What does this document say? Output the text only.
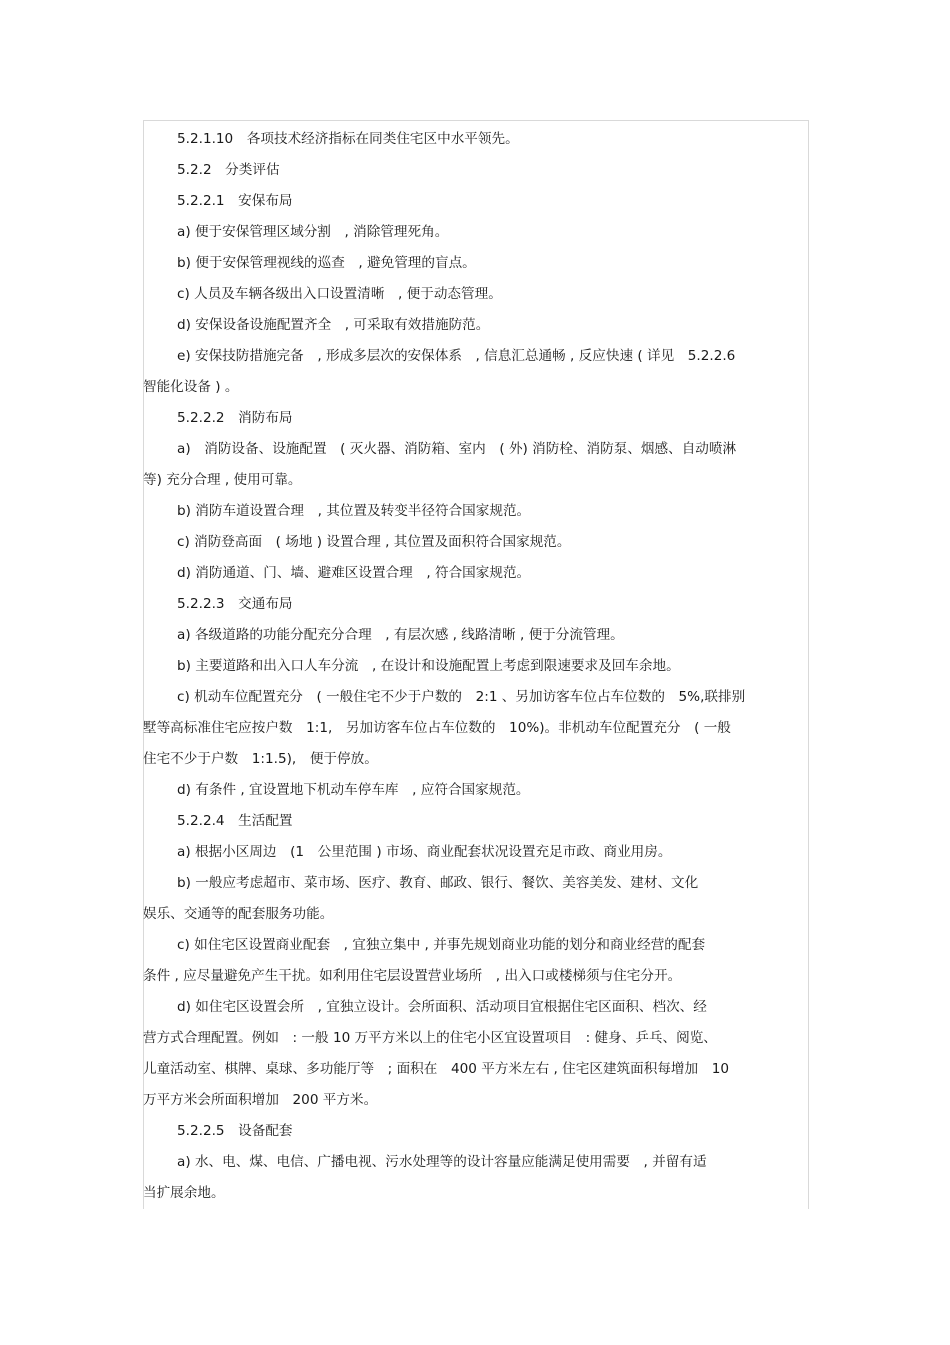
5.2.1.10　各项技术经济指标在同类住宅区中水平领先。
5.2.2　分类评估
5.2.2.1　安保布局
a) 便于安保管理区域分割　, 消除管理死角。
b) 便于安保管理视线的巡查　, 避免管理的盲点。
c) 人员及车辆各级出入口设置清晰　, 便于动态管理。
d) 安保设备设施配置齐全　, 可采取有效措施防范。
e) 安保技防措施完备　, 形成多层次的安保体系　, 信息汇总通畅 , 反应快速 ( 详见　5.2.2.6
智能化设备 ) 。
5.2.2.2　消防布局
a)　消防设备、设施配置　( 灭火器、消防箱、室内　( 外) 消防栓、消防泵、烟感、自动喷淋
等) 充分合理 , 使用可靠。
b) 消防车道设置合理　, 其位置及转变半径符合国家规范。
c) 消防登高面　( 场地 ) 设置合理 , 其位置及面积符合国家规范。
d) 消防通道、门、墙、避难区设置合理　, 符合国家规范。
5.2.2.3　交通布局
a) 各级道路的功能分配充分合理　, 有层次感 , 线路清晰 , 便于分流管理。
b) 主要道路和出入口人车分流　, 在设计和设施配置上考虑到限速要求及回车余地。
c) 机动车位配置充分　( 一般住宅不少于户数的　2:1 、另加访客车位占车位数的　5%,联排别
墅等高标准住宅应按户数　1:1,　另加访客车位占车位数的　10%)。非机动车位配置充分　( 一般
住宅不少于户数　1:1.5),　便于停放。
d) 有条件 , 宜设置地下机动车停车库　, 应符合国家规范。
5.2.2.4　生活配置
a) 根据小区周边　(1　公里范围 ) 市场、商业配套状况设置充足市政、商业用房。
b) 一般应考虑超市、菜市场、医疗、教育、邮政、银行、餐饮、美容美发、建材、文化
娱乐、交通等的配套服务功能。
c) 如住宅区设置商业配套　, 宜独立集中 , 并事先规划商业功能的划分和商业经营的配套
条件 , 应尽量避免产生干扰。如利用住宅层设置营业场所　, 出入口或楼梯须与住宅分开。
d) 如住宅区设置会所　, 宜独立设计。会所面积、活动项目宜根据住宅区面积、档次、经
营方式合理配置。例如　: 一般 10 万平方米以上的住宅小区宜设置项目　: 健身、乒乓、阅览、
儿童活动室、棋牌、桌球、多功能厅等　; 面积在　400 平方米左右 , 住宅区建筑面积每增加　10
万平方米会所面积增加　200 平方米。
5.2.2.5　设备配套
a) 水、电、煤、电信、广播电视、污水处理等的设计容量应能满足使用需要　, 并留有适
当扩展余地。
